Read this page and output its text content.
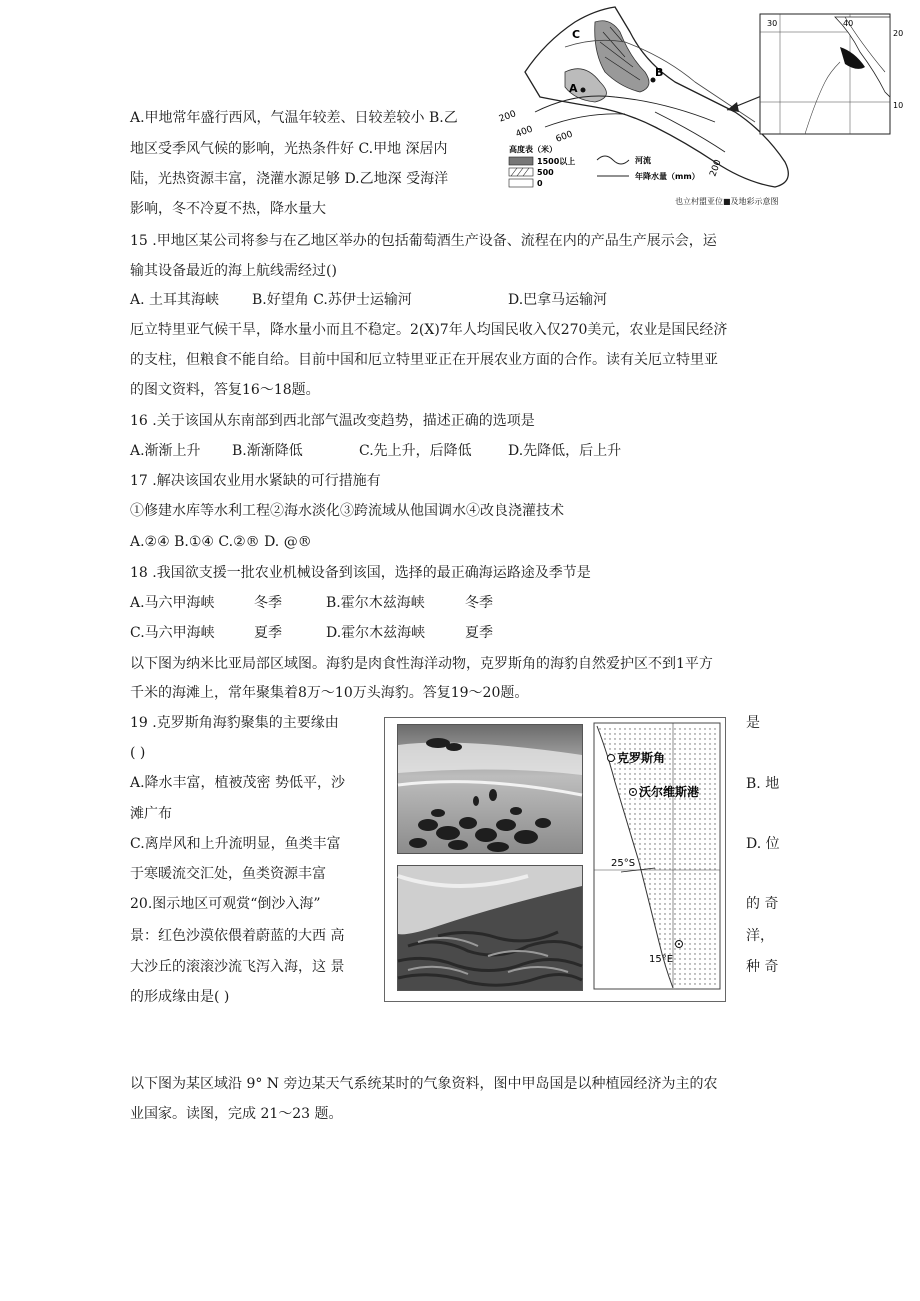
C
A
B
200
400 600
200
高度表（米）
1500以上
500
0
河流
年降水量（mm）
30	40
20
10
也立村盟亚位■及地彩示意图
A.甲地常年盛行西风，气温年较差、日较差较小 B.乙
地区受季风气候的影响，光热条件好 C.甲地 深居内
陆，光热资源丰富，浇灌水源足够 D.乙地深 受海洋
影响，冬不冷夏不热，降水量大
15 .甲地区某公司将参与在乙地区举办的包括葡萄酒生产设备、流程在内的产品生产展示会，运
输其设备最近的海上航线需经过()
A. 土耳其海峡 B.好望角 C.苏伊士运输河	D.巴拿马运输河
厄立特里亚气候干旱，降水量小而且不稳定。2(X)7年人均国民收入仅270美元，农业是国民经济
的支柱，但粮食不能自给。目前中国和厄立特里亚正在开展农业方面的合作。读有关厄立特里亚
的图文资料，答复16～18题。
16 .关于该国从东南部到西北部气温改变趋势，描述正确的选项是
A.渐渐上升 B.渐渐降低	C.先上升，后降低	D.先降低，后上升
17 .解决该国农业用水紧缺的可行措施有
①修建水库等水利工程②海水淡化③跨流域从他国调水④改良浇灌技术
A.②④ B.①④ C.②® D. @®
18 .我国欲支援一批农业机械设备到该国，选择的最正确海运路途及季节是
A.马六甲海峡	冬季	B.霍尔木兹海峡	冬季
C.马六甲海峡	夏季	D.霍尔木兹海峡	夏季
以下图为纳米比亚局部区域图。海豹是肉食性海洋动物，克罗斯角的海豹自然爱护区不到1平方
千米的海滩上，常年聚集着8万～10万头海豹。答复19～20题。
19 .克罗斯角海豹聚集的主要缘由
( )
A.降水丰富，植被茂密 势低平，沙
滩广布
C.离岸风和上升流明显，鱼类丰富
于寒暖流交汇处，鱼类资源丰富
20.图示地区可观赏“倒沙入海”
景：红色沙漠依偎着蔚蓝的大西 高
大沙丘的滚滚沙流飞泻入海，这 景
的形成缘由是( )
是
B. 地
D. 位
的 奇
洋，
种 奇
克罗斯角
沃尔维斯港
25°S
15°E
以下图为某区域沿 9° N 旁边某天气系统某时的气象资料，图中甲岛国是以种植园经济为主的农
业国家。读图，完成 21～23 题。
